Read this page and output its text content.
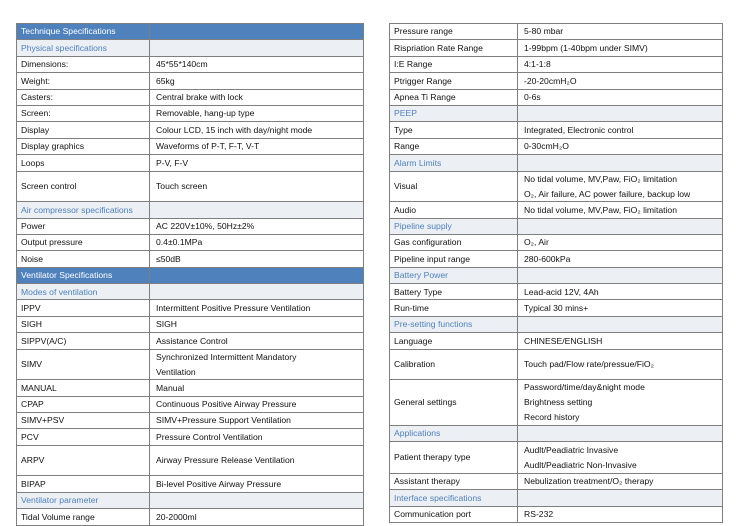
Technique Specifications	
Physical specifications	
Dimensions:	45*55*140cm

Weight:	65kg

Casters:	Central brake with lock

Screen:	Removable, hang-up type

Display	Colour LCD, 15 inch with day/night mode

Display graphics	Waveforms of P-T, F-T, V-T

Loops	P-V, F-V

Screen control	Touch screen

Air compressor specifications	
Power	AC 220V±10%, 50Hz±2%

Output pressure	0.4±0.1MPa

Noise	≤50dB

Ventilator Specifications	
Modes of ventilation	
IPPV	Intermittent Positive Pressure Ventilation

SIGH	SIGH

SIPPV(A/C)	Assistance Control

SIMV	Synchronized Intermittent Mandatory
Ventilation

MANUAL	Manual

CPAP	Continuous Positive Airway Pressure

SIMV+PSV	SIMV+Pressure Support Ventilation

PCV	Pressure Control Ventilation

ARPV	Airway Pressure Release Ventilation

BIPAP	Bi-level Positive Airway Pressure

Ventilator parameter	
Tidal Volume range	20-2000ml
Pressure range	5-80 mbar

Rispriation Rate Range	1-99bpm (1-40bpm under SIMV)

I:E Range	4:1-1:8

Ptrigger Range	-20-20cmH₂O

Apnea Ti Range	0-6s

PEEP	
Type	Integrated, Electronic control

Range	0-30cmH₂O

Alarm Limits	
Visual	No tidal volume, MV,Paw, FiO₂ limitation
O₂, Air failure, AC power failure, backup low

Audio	No tidal volume, MV,Paw, FiO₂ limitation

Pipeline supply	
Gas configuration	O₂, Air

Pipeline input range	280-600kPa

Battery Power	
Battery Type	Lead-acid 12V, 4Ah

Run-time	Typical 30 mins+

Pre-setting functions	
Language	CHINESE/ENGLISH

Calibration	Touch pad/Flow rate/pressue/FiO₂

General settings	Password/time/day&night mode
Brightness setting
Record history

Applications	
Patient therapy type	Audlt/Peadiatric Invasive
Audlt/Peadiatric Non-Invasive

Assistant therapy	Nebulization treatment/O₂ therapy

Interface specifications	
Communication port	RS-232
